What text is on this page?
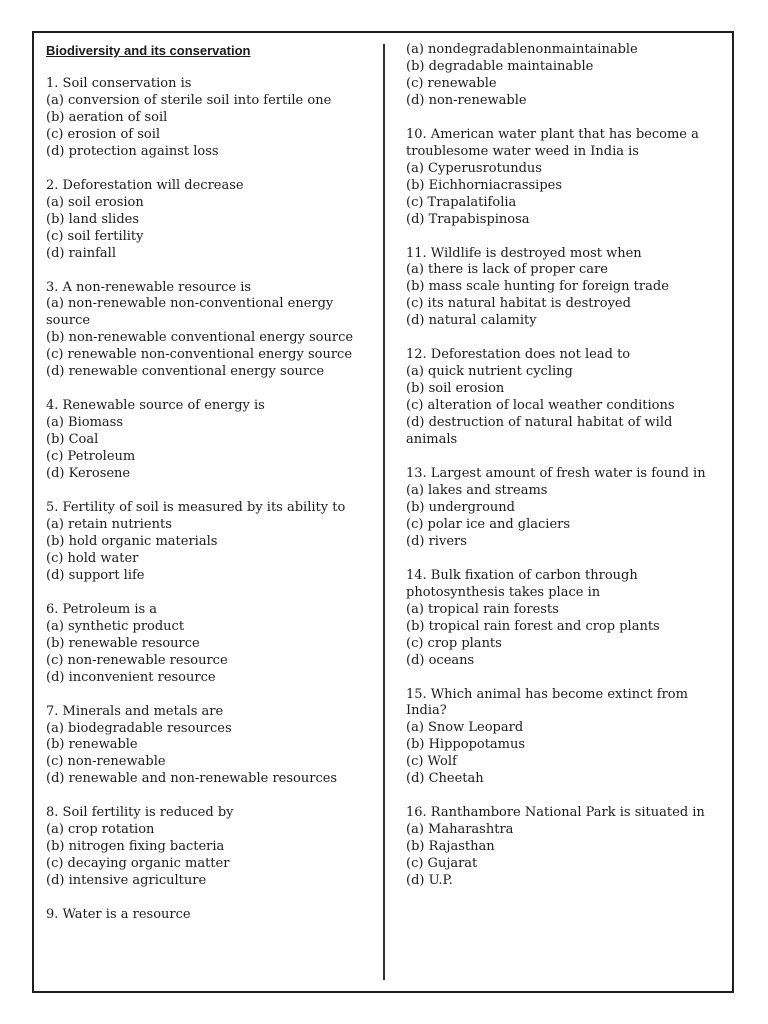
Biodiversity and its conservation
1. Soil conservation is
(a) conversion of sterile soil into fertile one
(b) aeration of soil
(c) erosion of soil
(d) protection against loss
2. Deforestation will decrease
(a) soil erosion
(b) land slides
(c) soil fertility
(d) rainfall
3. A non-renewable resource is
(a) non-renewable non-conventional energy source
(b) non-renewable conventional energy source
(c) renewable non-conventional energy source
(d) renewable conventional energy source
4. Renewable source of energy is
(a) Biomass
(b) Coal
(c) Petroleum
(d) Kerosene
5. Fertility of soil is measured by its ability to
(a) retain nutrients
(b) hold organic materials
(c) hold water
(d) support life
6. Petroleum is a
(a) synthetic product
(b) renewable resource
(c) non-renewable resource
(d) inconvenient resource
7. Minerals and metals are
(a) biodegradable resources
(b) renewable
(c) non-renewable
(d) renewable and non-renewable resources
8. Soil fertility is reduced by
(a) crop rotation
(b) nitrogen fixing bacteria
(c) decaying organic matter
(d) intensive agriculture
9. Water is a resource
(a) nondegradablenonmaintainable
(b) degradable maintainable
(c) renewable
(d) non-renewable
10. American water plant that has become a troublesome water weed in India is
(a) Cyperusrotundus
(b) Eichhorniacrassipes
(c) Trapalatifolia
(d) Trapabispinosa
11. Wildlife is destroyed most when
(a) there is lack of proper care
(b) mass scale hunting for foreign trade
(c) its natural habitat is destroyed
(d) natural calamity
12. Deforestation does not lead to
(a) quick nutrient cycling
(b) soil erosion
(c) alteration of local weather conditions
(d) destruction of natural habitat of wild animals
13. Largest amount of fresh water is found in
(a) lakes and streams
(b) underground
(c) polar ice and glaciers
(d) rivers
14. Bulk fixation of carbon through photosynthesis takes place in
(a) tropical rain forests
(b) tropical rain forest and crop plants
(c) crop plants
(d) oceans
15. Which animal has become extinct from India?
(a) Snow Leopard
(b) Hippopotamus
(c) Wolf
(d) Cheetah
16. Ranthambore National Park is situated in
(a) Maharashtra
(b) Rajasthan
(c) Gujarat
(d) U.P.
